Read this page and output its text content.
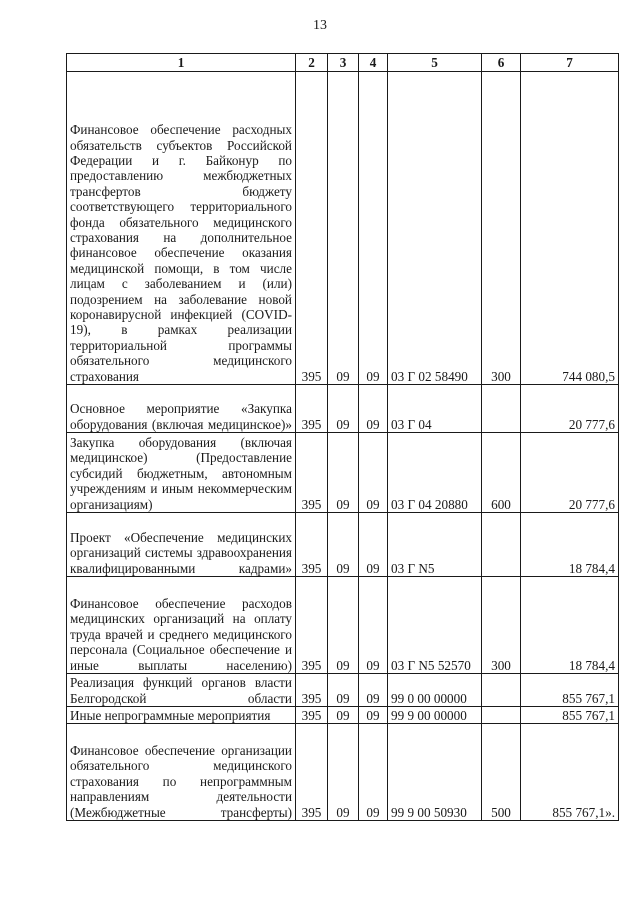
13
1	2	3	4	5	6	7
Финансовое обеспечение расходных обязательств субъектов Российской Федерации и г. Байконур по предоставлению межбюджетных трансфертов бюджету соответствующего территориального фонда обязательного медицинского страхования на дополнительное финансовое обеспечение оказания медицинской помощи, в том числе лицам с заболеванием и (или) подозрением на заболевание новой коронавирусной инфекцией (COVID-19), в рамках реализации территориальной программы обязательного медицинского страхования	395	09	09	03 Г 02 58490	300	744 080,5
Основное мероприятие «Закупка оборудования (включая медицинское)»	395	09	09	03 Г 04		20 777,6
Закупка оборудования (включая медицинское) (Предоставление субсидий бюджетным, автономным учреждениям и иным некоммерческим организациям)	395	09	09	03 Г 04 20880	600	20 777,6
Проект «Обеспечение медицинских организаций системы здравоохранения квалифицированными кадрами»	395	09	09	03 Г N5		18 784,4
Финансовое обеспечение расходов медицинских организаций на оплату труда врачей и среднего медицинского персонала (Социальное обеспечение и иные выплаты населению)	395	09	09	03 Г N5 52570	300	18 784,4
Реализация функций органов власти Белгородской области	395	09	09	99 0 00 00000		855 767,1
Иные непрограммные мероприятия	395	09	09	99 9 00 00000		855 767,1
Финансовое обеспечение организации обязательного медицинского страхования по непрограммным направлениям деятельности (Межбюджетные трансферты)	395	09	09	99 9 00 50930	500	855 767,1».
